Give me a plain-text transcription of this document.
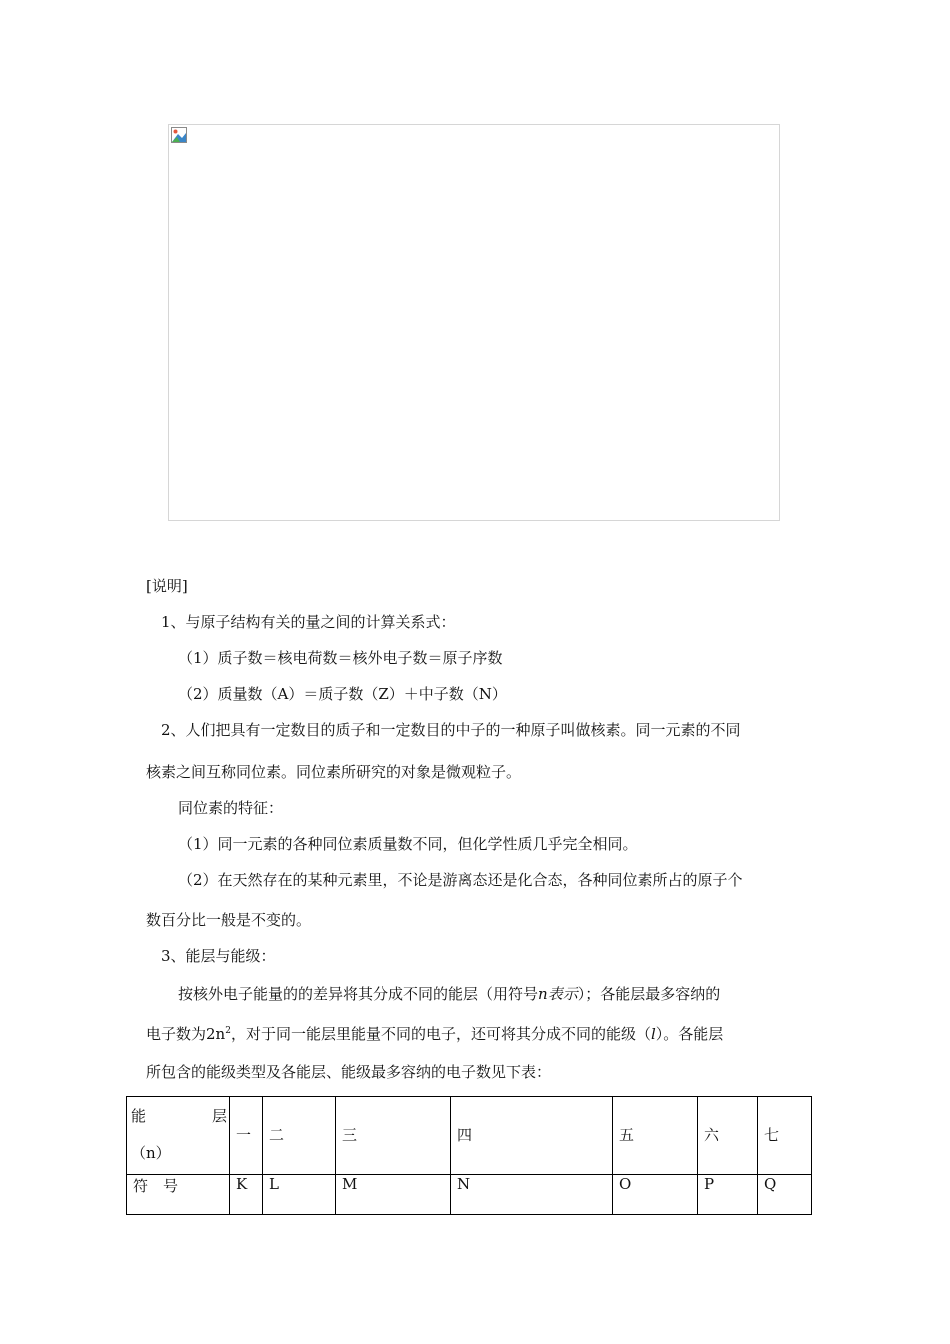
[说明]
1、与原子结构有关的量之间的计算关系式：
（1）质子数＝核电荷数＝核外电子数＝原子序数
（2）质量数（A）＝质子数（Z）＋中子数（N）
2、人们把具有一定数目的质子和一定数目的中子的一种原子叫做核素。同一元素的不同
核素之间互称同位素。同位素所研究的对象是微观粒子。
同位素的特征：
（1）同一元素的各种同位素质量数不同，但化学性质几乎完全相同。
（2）在天然存在的某种元素里，不论是游离态还是化合态，各种同位素所占的原子个
数百分比一般是不变的。
3、能层与能级：
按核外电子能量的的差异将其分成不同的能层（用符号n表示）；各能层最多容纳的
电子数为$2n^2$，对于同一能层里能量不同的电子，还可将其分成不同的能级（l）。各能层
所包含的能级类型及各能层、能级最多容纳的电子数见下表：
能 层
（n）	一	二	三	四	五	六	七
符　号	K	L	M	N	O	P	Q
